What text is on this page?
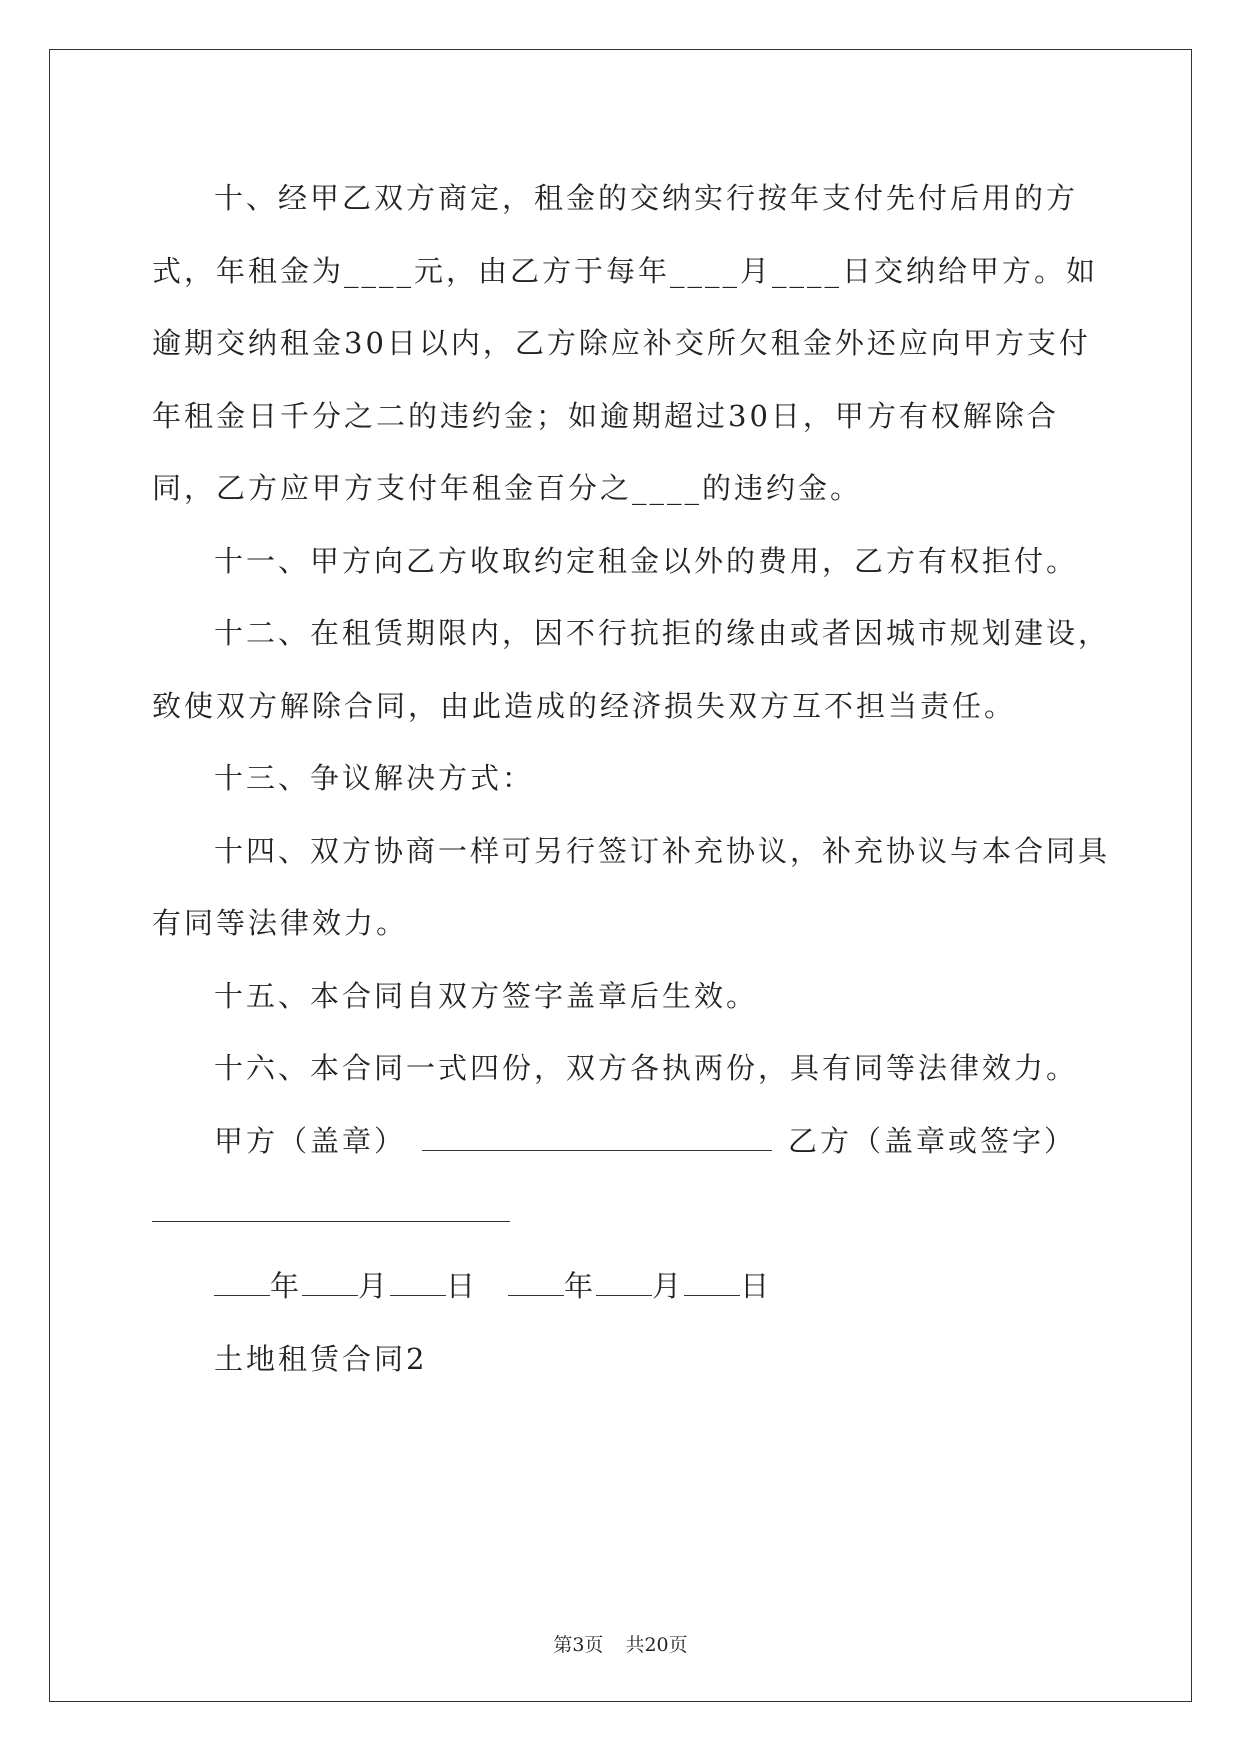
十、经甲乙双方商定，租金的交纳实行按年支付先付后用的方式，年租金为____元，由乙方于每年____月____日交纳给甲方。如逾期交纳租金30日以内，乙方除应补交所欠租金外还应向甲方支付年租金日千分之二的违约金；如逾期超过30日，甲方有权解除合同，乙方应甲方支付年租金百分之____的违约金。

十一、甲方向乙方收取约定租金以外的费用，乙方有权拒付。

十二、在租赁期限内，因不行抗拒的缘由或者因城市规划建设，致使双方解除合同，由此造成的经济损失双方互不担当责任。

十三、争议解决方式：

十四、双方协商一样可另行签订补充协议，补充协议与本合同具有同等法律效力。

十五、本合同自双方签字盖章后生效。

十六、本合同一式四份，双方各执两份，具有同等法律效力。

甲方（盖章）	乙方（盖章或签字）

年 月 日	年 月 日

土地租赁合同2

第3页 共20页
